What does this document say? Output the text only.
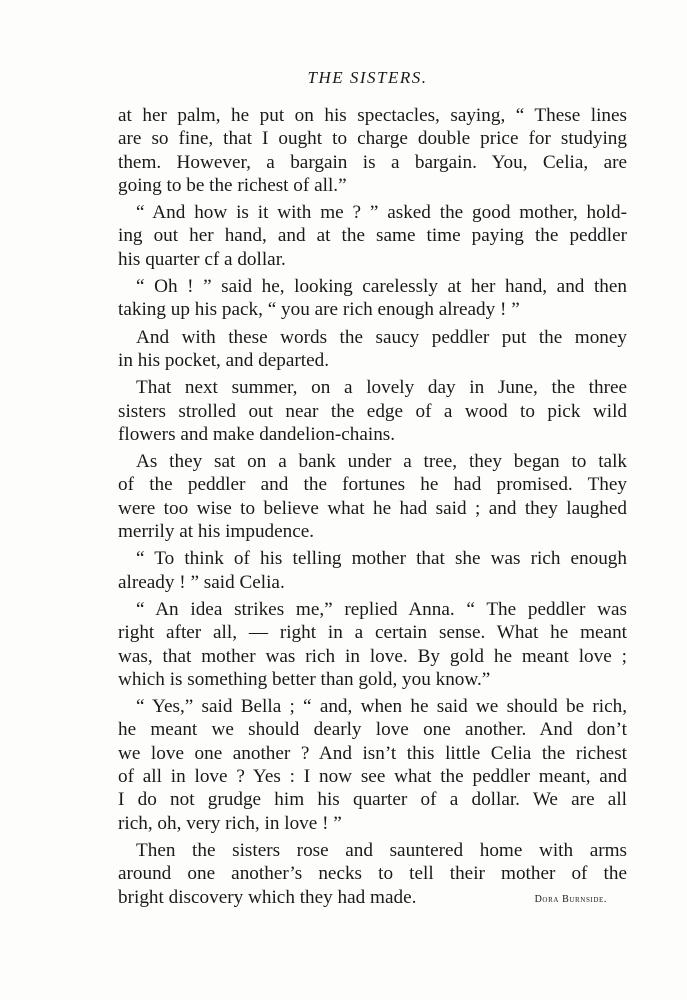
THE SISTERS.
at her palm, he put on his spectacles, saying, “ These lines
are so fine, that I ought to charge double price for studying
them. However, a bargain is a bargain. You, Celia, are
going to be the richest of all.”
“ And how is it with me ? ” asked the good mother, hold-
ing out her hand, and at the same time paying the peddler
his quarter cf a dollar.
“ Oh ! ” said he, looking carelessly at her hand, and then
taking up his pack, “ you are rich enough already ! ”
And with these words the saucy peddler put the money
in his pocket, and departed.
That next summer, on a lovely day in June, the three
sisters strolled out near the edge of a wood to pick wild
flowers and make dandelion-chains.
As they sat on a bank under a tree, they began to talk
of the peddler and the fortunes he had promised. They
were too wise to believe what he had said ; and they laughed
merrily at his impudence.
“ To think of his telling mother that she was rich enough
already ! ” said Celia.
“ An idea strikes me,” replied Anna. “ The peddler was
right after all, — right in a certain sense. What he meant
was, that mother was rich in love. By gold he meant love ;
which is something better than gold, you know.”
“ Yes,” said Bella ; “ and, when he said we should be rich,
he meant we should dearly love one another. And don’t
we love one another ? And isn’t this little Celia the richest
of all in love ? Yes : I now see what the peddler meant, and
I do not grudge him his quarter of a dollar. We are all
rich, oh, very rich, in love ! ”
Then the sisters rose and sauntered home with arms
around one another’s necks to tell their mother of the
bright discovery which they had made.	Dora Burnside.
